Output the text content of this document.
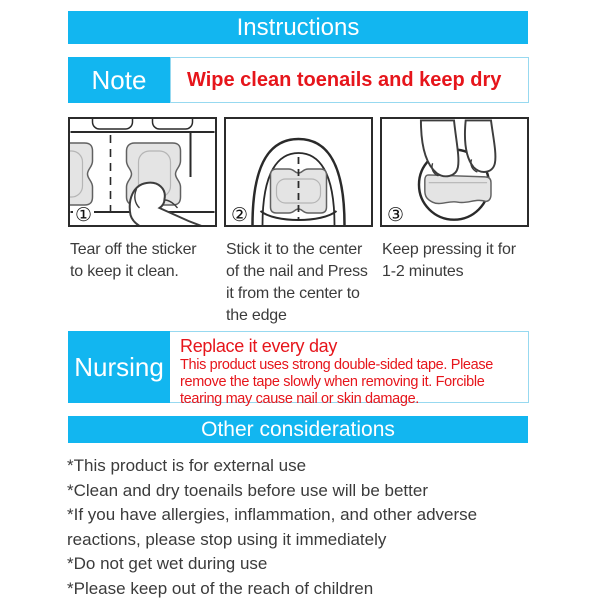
Instructions
Note	Wipe clean toenails and keep dry
①	②	③
Tear off the sticker
to keep it clean.
Stick it to the center
of the nail and Press
it from the center to
the edge
Keep pressing it for
1-2 minutes
Nursing
Replace it every day
This product uses strong double-sided tape. Please
remove the tape slowly when removing it. Forcible
tearing may cause nail or skin damage.
Other considerations
*This product is for external use
*Clean and dry toenails before use will be better
*If you have allergies, inflammation, and other adverse
reactions, please stop using it immediately
*Do not get wet during use
*Please keep out of the reach of children
